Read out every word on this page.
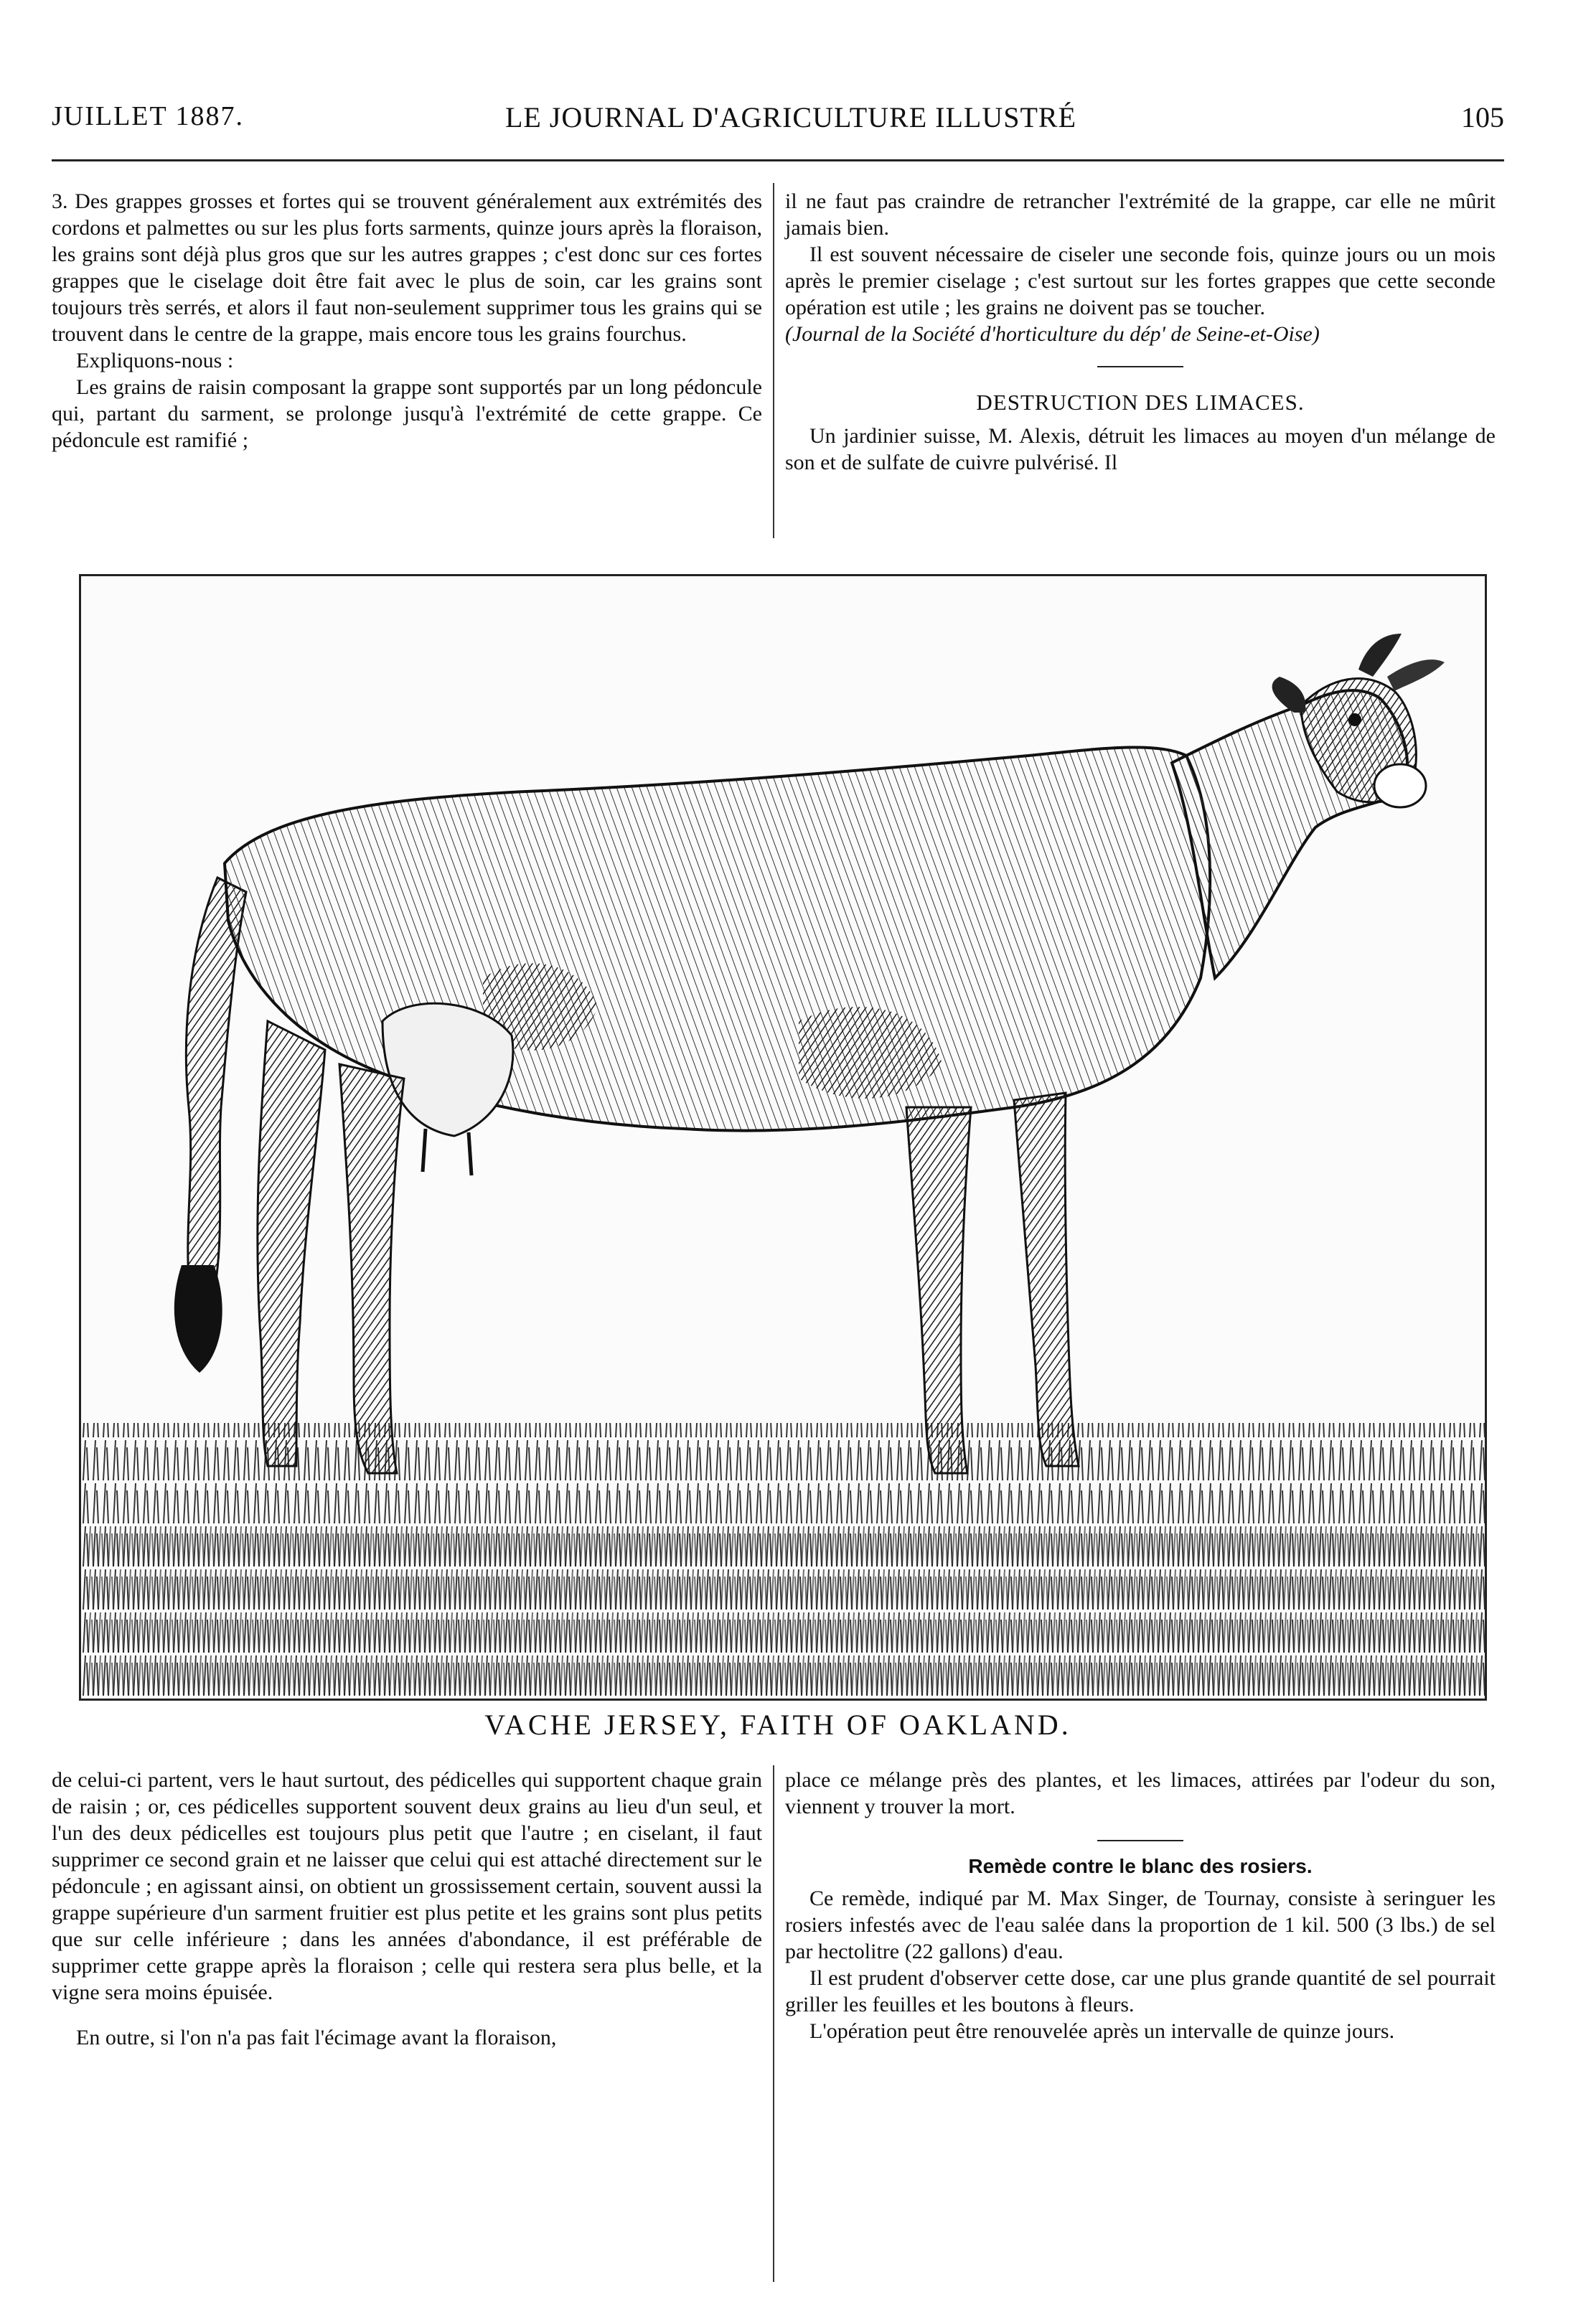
JUILLET 1887.	LE JOURNAL D'AGRICULTURE ILLUSTRÉ	105

3. Des grappes grosses et fortes qui se trouvent généralement aux extrémités des cordons et palmettes ou sur les plus forts sarments, quinze jours après la floraison, les grains sont déjà plus gros que sur les autres grappes ; c'est donc sur ces fortes grappes que le ciselage doit être fait avec le plus de soin, car les grains sont toujours très serrés, et alors il faut non-seulement supprimer tous les grains qui se trouvent dans le centre de la grappe, mais encore tous les grains fourchus.

Expliquons-nous :

Les grains de raisin composant la grappe sont supportés par un long pédoncule qui, partant du sarment, se prolonge jusqu'à l'extrémité de cette grappe. Ce pédoncule est ramifié ;

il ne faut pas craindre de retrancher l'extrémité de la grappe, car elle ne mûrit jamais bien.

Il est souvent nécessaire de ciseler une seconde fois, quinze jours ou un mois après le premier ciselage ; c'est surtout sur les fortes grappes que cette seconde opération est utile ; les grains ne doivent pas se toucher.

(Journal de la Société d'horticulture du dép' de Seine-et-Oise)

DESTRUCTION DES LIMACES.

Un jardinier suisse, M. Alexis, détruit les limaces au moyen d'un mélange de son et de sulfate de cuivre pulvérisé. Il

VACHE JERSEY, FAITH OF OAKLAND.

de celui-ci partent, vers le haut surtout, des pédicelles qui supportent chaque grain de raisin ; or, ces pédicelles supportent souvent deux grains au lieu d'un seul, et l'un des deux pédicelles est toujours plus petit que l'autre ; en ciselant, il faut supprimer ce second grain et ne laisser que celui qui est attaché directement sur le pédoncule ; en agissant ainsi, on obtient un grossissement certain, souvent aussi la grappe supérieure d'un sarment fruitier est plus petite et les grains sont plus petits que sur celle inférieure ; dans les années d'abondance, il est préférable de supprimer cette grappe après la floraison ; celle qui restera sera plus belle, et la vigne sera moins épuisée.

En outre, si l'on n'a pas fait l'écimage avant la floraison,

place ce mélange près des plantes, et les limaces, attirées par l'odeur du son, viennent y trouver la mort.

Remède contre le blanc des rosiers.

Ce remède, indiqué par M. Max Singer, de Tournay, consiste à seringuer les rosiers infestés avec de l'eau salée dans la proportion de 1 kil. 500 (3 lbs.) de sel par hectolitre (22 gallons) d'eau.

Il est prudent d'observer cette dose, car une plus grande quantité de sel pourrait griller les feuilles et les boutons à fleurs.

L'opération peut être renouvelée après un intervalle de quinze jours.
